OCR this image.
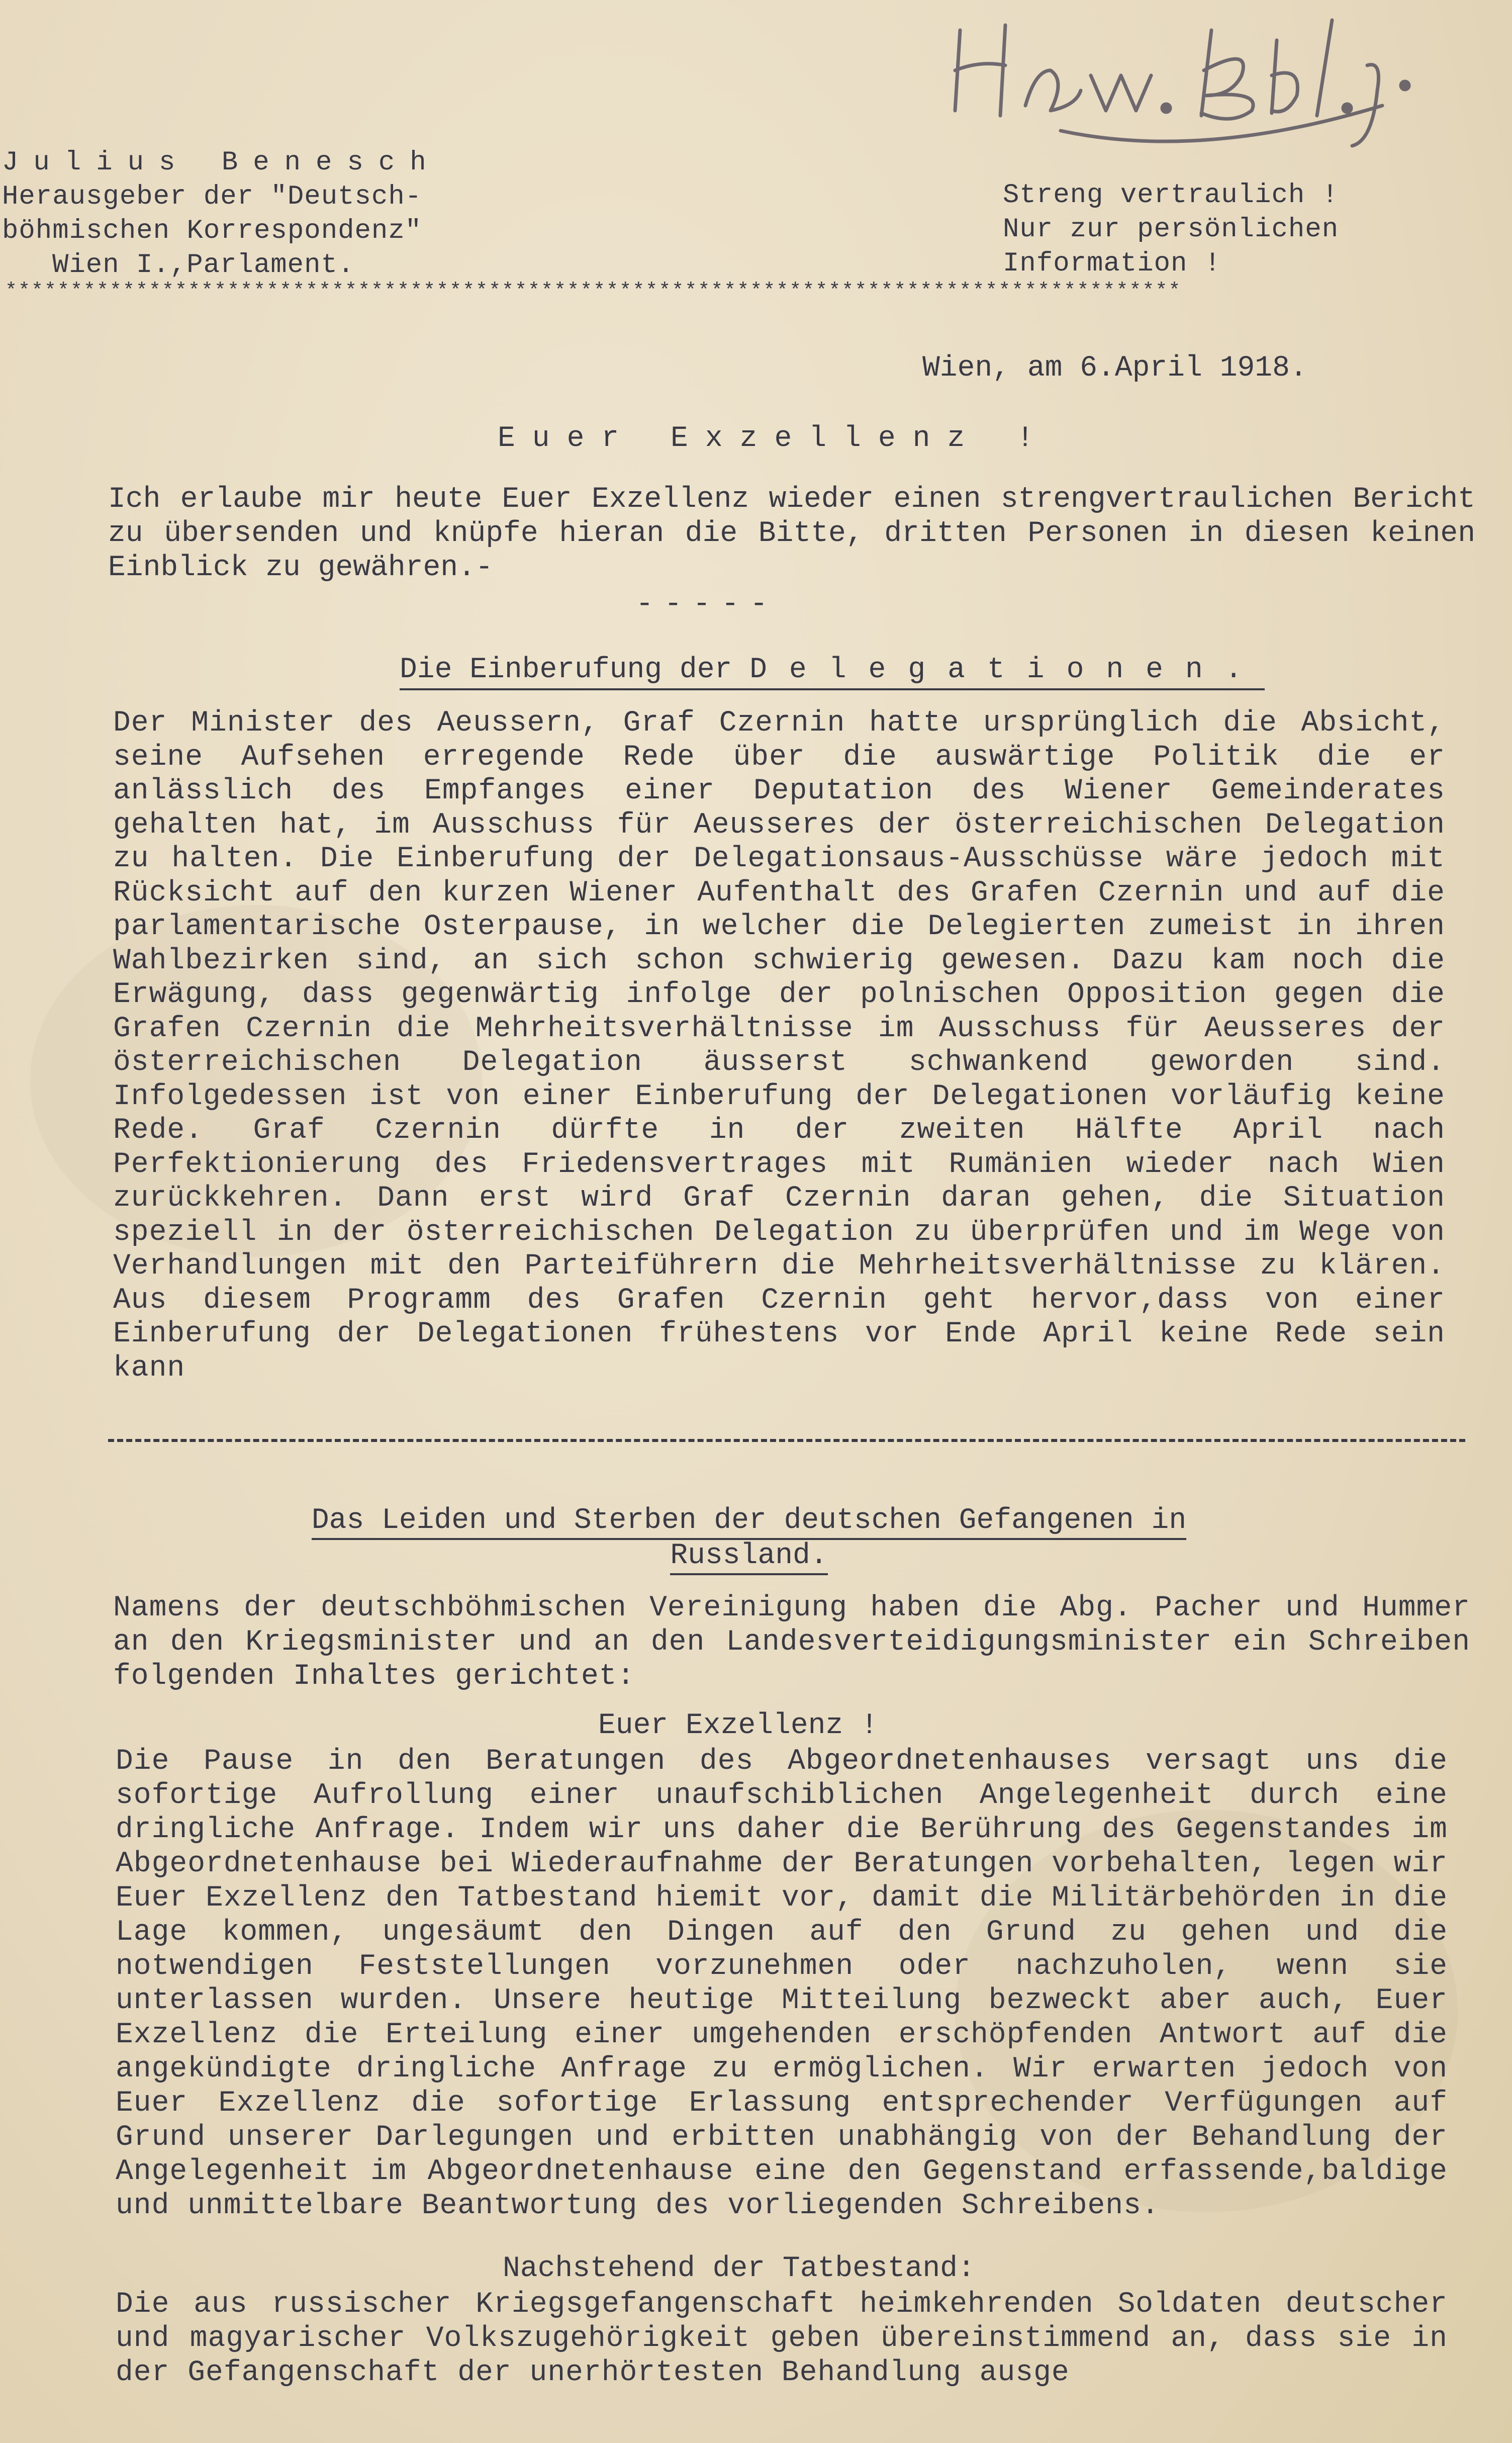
Julius Benesch
Herausgeber der "Deutsch-
böhmischen Korrespondenz"
Wien I.,Parlament.
Streng vertraulich !
Nur zur persönlichen
Information !
******************************************************************************************
Wien, am 6.April 1918.
Euer Exzellenz !
Ich erlaube mir heute Euer Exzellenz wieder einen strengvertraulichen Bericht zu übersenden und knüpfe hieran die Bitte, dritten Personen in diesen keinen Einblick zu gewähren.-
-----
Die Einberufung der Delegationen.
Der Minister des Aeussern, Graf Czernin hatte ursprünglich die Absicht, seine Aufsehen erregende Rede über die auswärtige Politik die er anlässlich des Empfanges einer Deputation des Wiener Gemeinderates gehalten hat, im Ausschuss für Aeusseres der österreichischen Delegation zu halten. Die Einberufung der Delegationsaus-Ausschüsse wäre jedoch mit Rücksicht auf den kurzen Wiener Aufenthalt des Grafen Czernin und auf die parlamentarische Osterpause, in welcher die Delegierten zumeist in ihren Wahlbezirken sind, an sich schon schwierig gewesen. Dazu kam noch die Erwägung, dass gegenwärtig infolge der polnischen Opposition gegen die Grafen Czernin die Mehrheitsverhältnisse im Ausschuss für Aeusseres der österreichischen Delegation äusserst schwankend geworden sind. Infolgedessen ist von einer Einberufung der Delegationen vorläufig keine Rede. Graf Czernin dürfte in der zweiten Hälfte April nach Perfektionierung des Friedensvertrages mit Rumänien wieder nach Wien zurückkehren. Dann erst wird Graf Czernin daran gehen, die Situation speziell in der österreichischen Delegation zu überprüfen und im Wege von Verhandlungen mit den Parteiführern die Mehrheitsverhältnisse zu klären. Aus diesem Programm des Grafen Czernin geht hervor,dass von einer Einberufung der Delegationen frühestens vor Ende April keine Rede sein kann
Das Leiden und Sterben der deutschen Gefangenen in
Russland.
Namens der deutschböhmischen Vereinigung haben die Abg. Pacher und Hummer an den Kriegsminister und an den Landesverteidigungsminister ein Schreiben folgenden Inhaltes gerichtet:
Euer Exzellenz !
Die Pause in den Beratungen des Abgeordnetenhauses versagt uns die sofortige Aufrollung einer unaufschiblichen Angelegenheit durch eine dringliche Anfrage. Indem wir uns daher die Berührung des Gegenstandes im Abgeordnetenhause bei Wiederaufnahme der Beratungen vorbehalten, legen wir Euer Exzellenz den Tatbestand hiemit vor, damit die Militärbehörden in die Lage kommen, ungesäumt den Dingen auf den Grund zu gehen und die notwendigen Feststellungen vorzunehmen oder nachzuholen, wenn sie unterlassen wurden. Unsere heutige Mitteilung bezweckt aber auch, Euer Exzellenz die Erteilung einer umgehenden erschöpfenden Antwort auf die angekündigte dringliche Anfrage zu ermöglichen. Wir erwarten jedoch von Euer Exzellenz die sofortige Erlassung entsprechender Verfügungen auf Grund unserer Darlegungen und erbitten unabhängig von der Behandlung der Angelegenheit im Abgeordnetenhause eine den Gegenstand erfassende,baldige und unmittelbare Beantwortung des vorliegenden Schreibens.
Nachstehend der Tatbestand:
Die aus russischer Kriegsgefangenschaft heimkehrenden Soldaten deutscher und magyarischer Volkszugehörigkeit geben übereinstimmend an, dass sie in der Gefangenschaft der unerhörtesten Behandlung ausge
